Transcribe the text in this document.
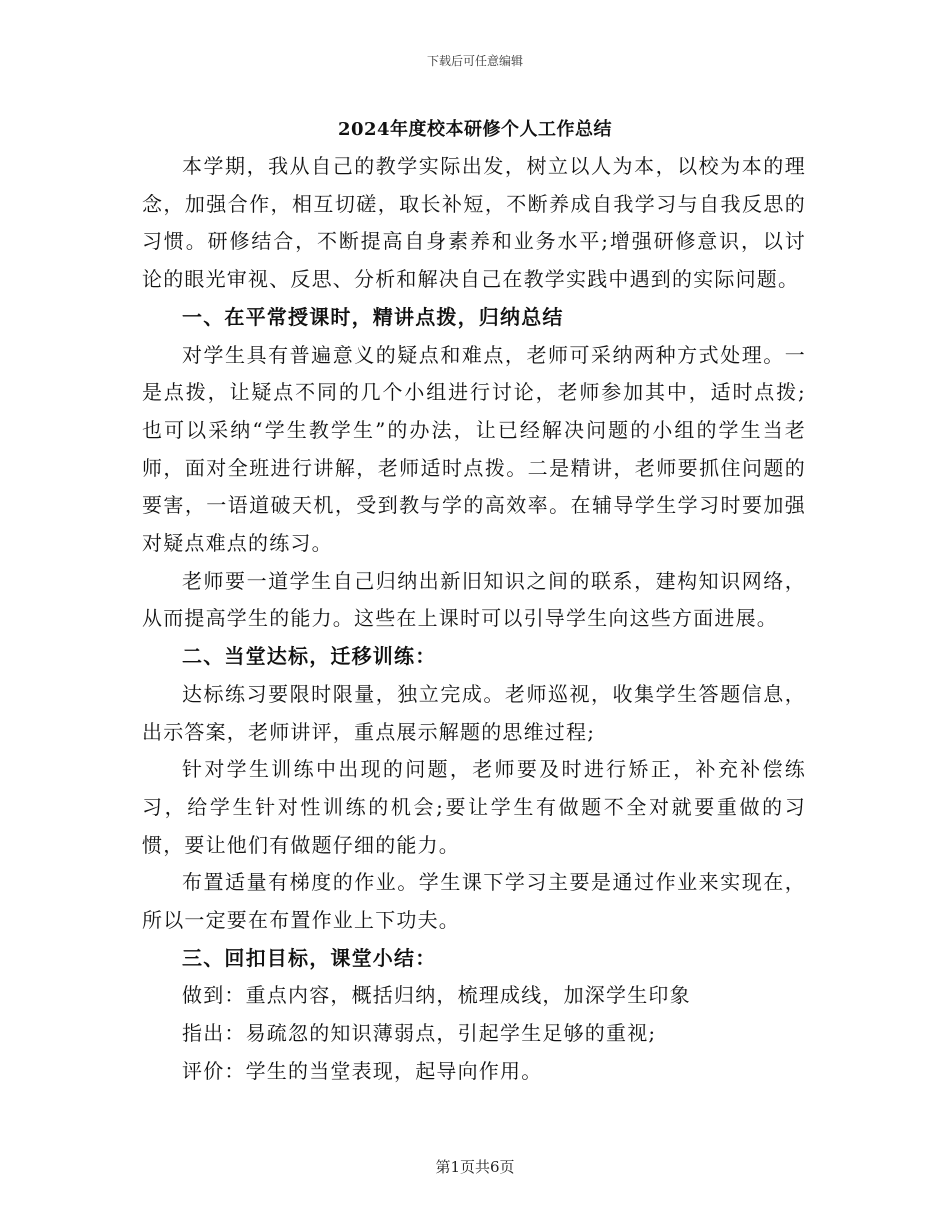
下载后可任意编辑
2024年度校本研修个人工作总结

本学期，我从自己的教学实际出发，树立以人为本，以校为本的理念，加强合作，相互切磋，取长补短，不断养成自我学习与自我反思的习惯。研修结合，不断提高自身素养和业务水平;增强研修意识，以讨论的眼光审视、反思、分析和解决自己在教学实践中遇到的实际问题。

一、在平常授课时，精讲点拨，归纳总结

对学生具有普遍意义的疑点和难点，老师可采纳两种方式处理。一是点拨，让疑点不同的几个小组进行讨论，老师参加其中，适时点拨;也可以采纳“学生教学生”的办法，让已经解决问题的小组的学生当老师，面对全班进行讲解，老师适时点拨。二是精讲，老师要抓住问题的要害，一语道破天机，受到教与学的高效率。在辅导学生学习时要加强对疑点难点的练习。

老师要一道学生自己归纳出新旧知识之间的联系，建构知识网络，从而提高学生的能力。这些在上课时可以引导学生向这些方面进展。

二、当堂达标，迁移训练：

达标练习要限时限量，独立完成。老师巡视，收集学生答题信息，出示答案，老师讲评，重点展示解题的思维过程;

针对学生训练中出现的问题，老师要及时进行矫正，补充补偿练习，给学生针对性训练的机会;要让学生有做题不全对就要重做的习惯，要让他们有做题仔细的能力。

布置适量有梯度的作业。学生课下学习主要是通过作业来实现在，所以一定要在布置作业上下功夫。

三、回扣目标，课堂小结：

做到：重点内容，概括归纳，梳理成线，加深学生印象

指出：易疏忽的知识薄弱点，引起学生足够的重视;

评价：学生的当堂表现，起导向作用。

第1页共6页
